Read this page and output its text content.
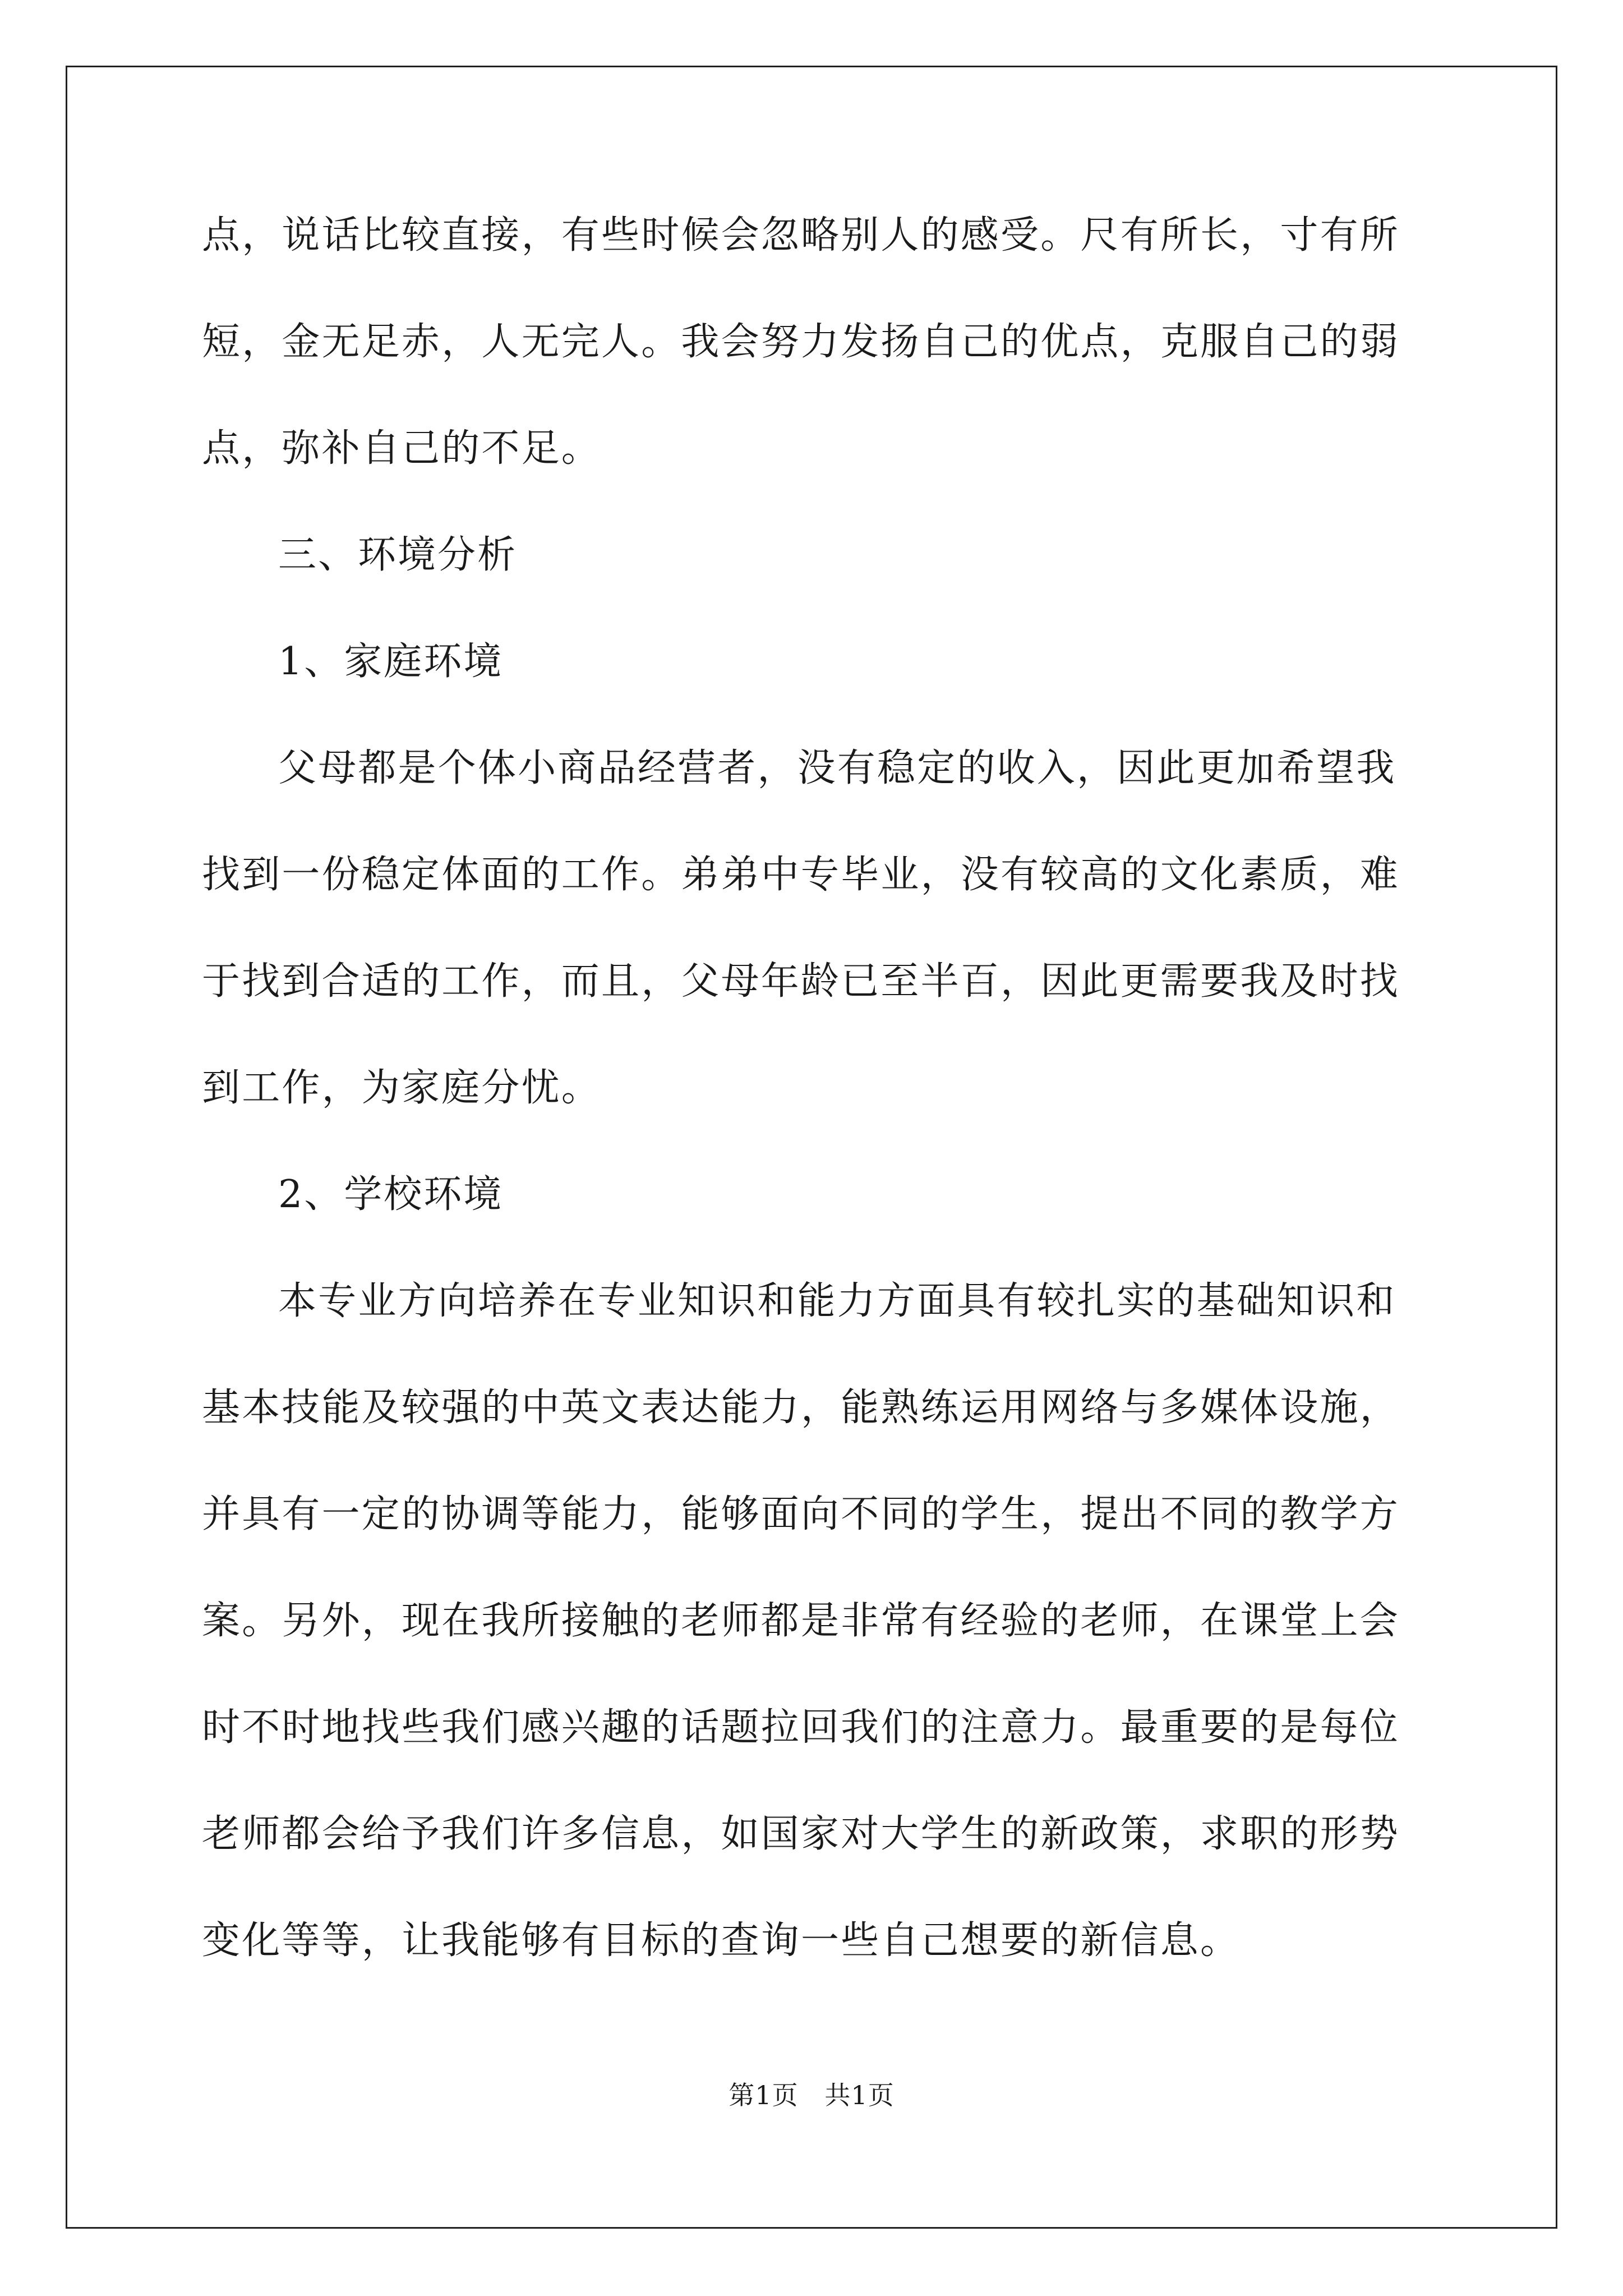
点，说话比较直接，有些时候会忽略别人的感受。尺有所长，寸有所
短，金无足赤，人无完人。我会努力发扬自己的优点，克服自己的弱
点，弥补自己的不足。
三、环境分析
1、家庭环境
父母都是个体小商品经营者，没有稳定的收入，因此更加希望我
找到一份稳定体面的工作。弟弟中专毕业，没有较高的文化素质，难
于找到合适的工作，而且，父母年龄已至半百，因此更需要我及时找
到工作，为家庭分忧。
2、学校环境
本专业方向培养在专业知识和能力方面具有较扎实的基础知识和
基本技能及较强的中英文表达能力，能熟练运用网络与多媒体设施，
并具有一定的协调等能力，能够面向不同的学生，提出不同的教学方
案。另外，现在我所接触的老师都是非常有经验的老师，在课堂上会
时不时地找些我们感兴趣的话题拉回我们的注意力。最重要的是每位
老师都会给予我们许多信息，如国家对大学生的新政策，求职的形势
变化等等，让我能够有目标的查询一些自己想要的新信息。
第1页   共1页
